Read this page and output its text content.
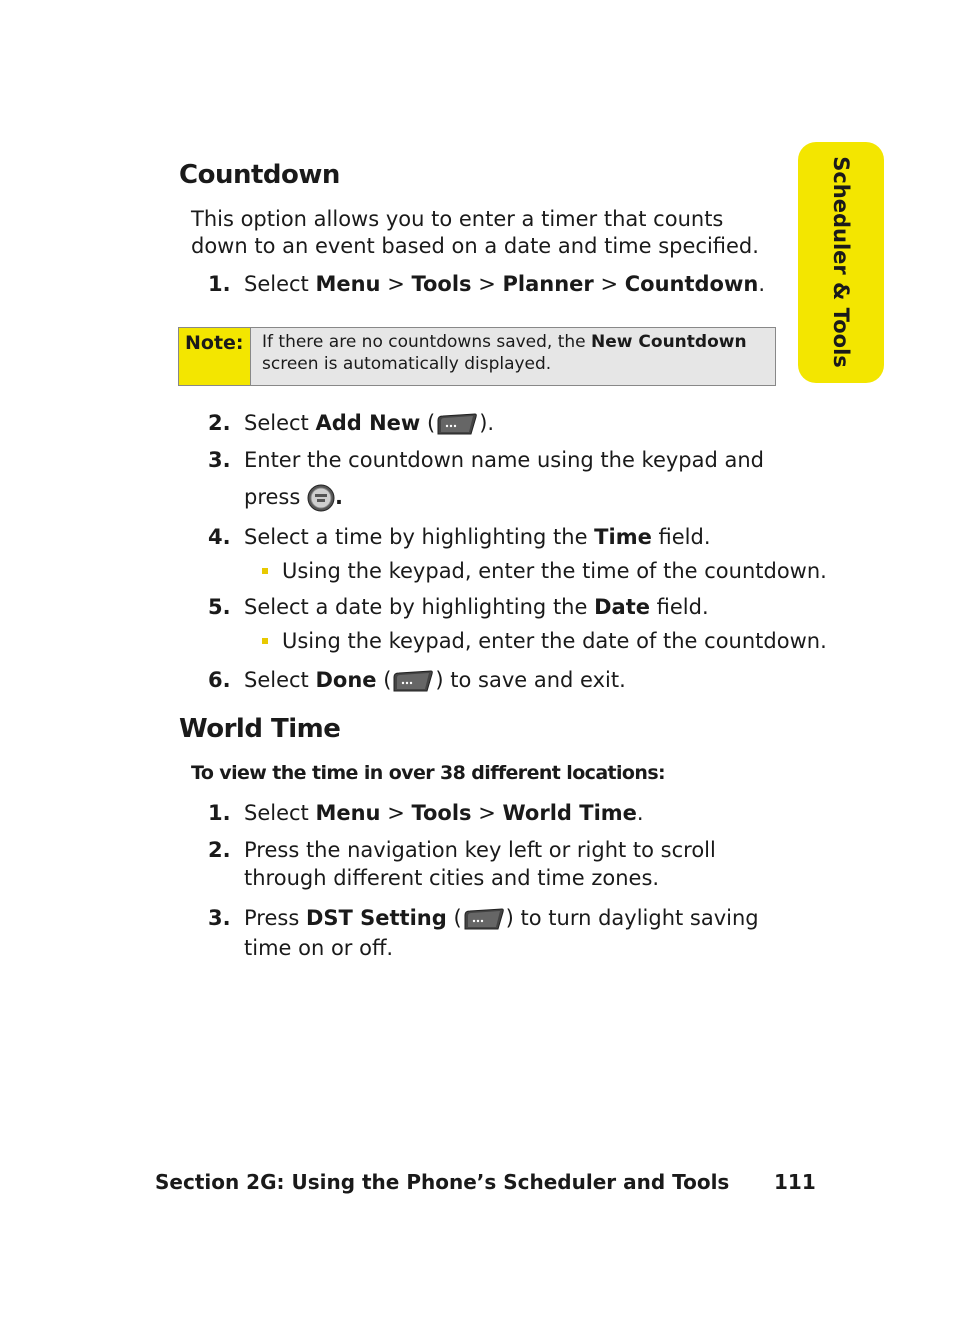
Scheduler & Tools
Countdown
This option allows you to enter a timer that counts down to an event based on a date and time specified.
1. Select Menu > Tools > Planner > Countdown.
Note: If there are no countdowns saved, the New Countdown screen is automatically displayed.
2. Select Add New ( ).
3. Enter the countdown name using the keypad and
press .
4. Select a time by highlighting the Time field.
Using the keypad, enter the time of the countdown.
5. Select a date by highlighting the Date field.
Using the keypad, enter the date of the countdown.
6. Select Done ( ) to save and exit.
World Time
To view the time in over 38 different locations:
1. Select Menu > Tools > World Time.
2. Press the navigation key left or right to scroll through different cities and time zones.
3. Press DST Setting ( ) to turn daylight saving time on or off.
Section 2G: Using the Phone’s Scheduler and Tools 111
